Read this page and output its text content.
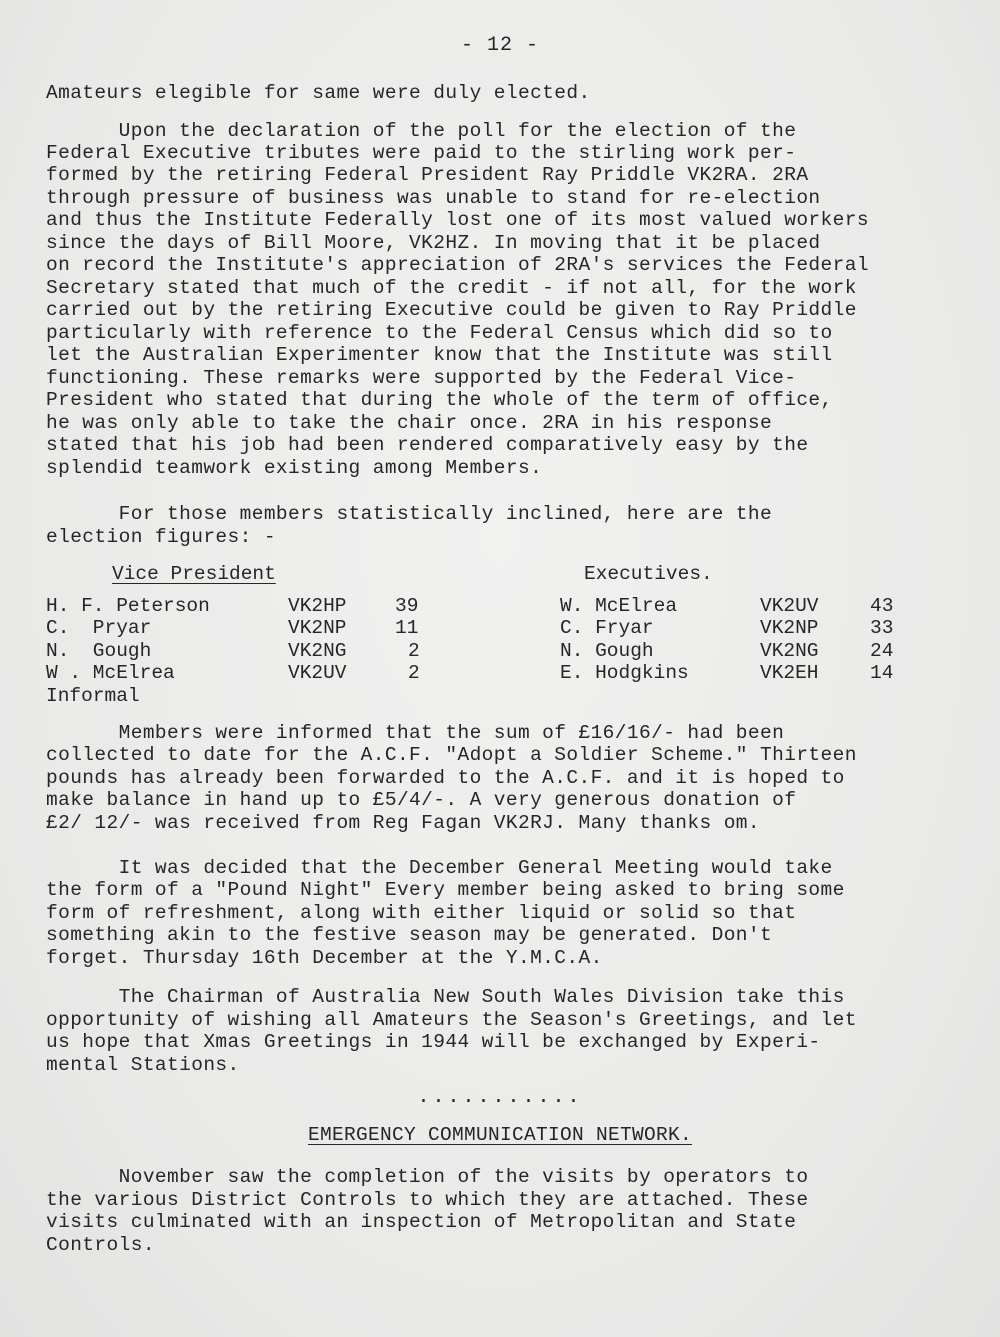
- 12 -
Amateurs elegible for same were duly elected.
Upon the declaration of the poll for the election of the
Federal Executive tributes were paid to the stirling work per-
formed by the retiring Federal President Ray Priddle VK2RA. 2RA
through pressure of business was unable to stand for re-election
and thus the Institute Federally lost one of its most valued workers
since the days of Bill Moore, VK2HZ. In moving that it be placed
on record the Institute's appreciation of 2RA's services the Federal
Secretary stated that much of the credit - if not all, for the work
carried out by the retiring Executive could be given to Ray Priddle
particularly with reference to the Federal Census which did so to
let the Australian Experimenter know that the Institute was still
functioning. These remarks were supported by the Federal Vice-
President who stated that during the whole of the term of office,
he was only able to take the chair once. 2RA in his response
stated that his job had been rendered comparatively easy by the
splendid teamwork existing among Members.
For those members statistically inclined, here are the
election figures: -
Vice President	Executives.
H. F. Peterson	VK2HP 39
C.  Pryar	VK2NP 11
N.  Gough	VK2NG	2
W . McElrea	VK2UV	2
Informal
W. McElrea	VK2UV	43
C. Fryar	VK2NP	33
N. Gough	VK2NG	24
E. Hodgkins	VK2EH	14
Members were informed that the sum of £16/16/- had been
collected to date for the A.C.F. "Adopt a Soldier Scheme." Thirteen
pounds has already been forwarded to the A.C.F. and it is hoped to
make balance in hand up to £5/4/-. A very generous donation of
£2/ 12/- was received from Reg Fagan VK2RJ. Many thanks om.
It was decided that the December General Meeting would take
the form of a "Pound Night" Every member being asked to bring some
form of refreshment, along with either liquid or solid so that
something akin to the festive season may be generated. Don't
forget. Thursday 16th December at the Y.M.C.A.
The Chairman of Australia New South Wales Division take this
opportunity of wishing all Amateurs the Season's Greetings, and let
us hope that Xmas Greetings in 1944 will be exchanged by Experi-
mental Stations.
...........
EMERGENCY COMMUNICATION NETWORK.
November saw the completion of the visits by operators to
the various District Controls to which they are attached. These
visits culminated with an inspection of Metropolitan and State
Controls.
